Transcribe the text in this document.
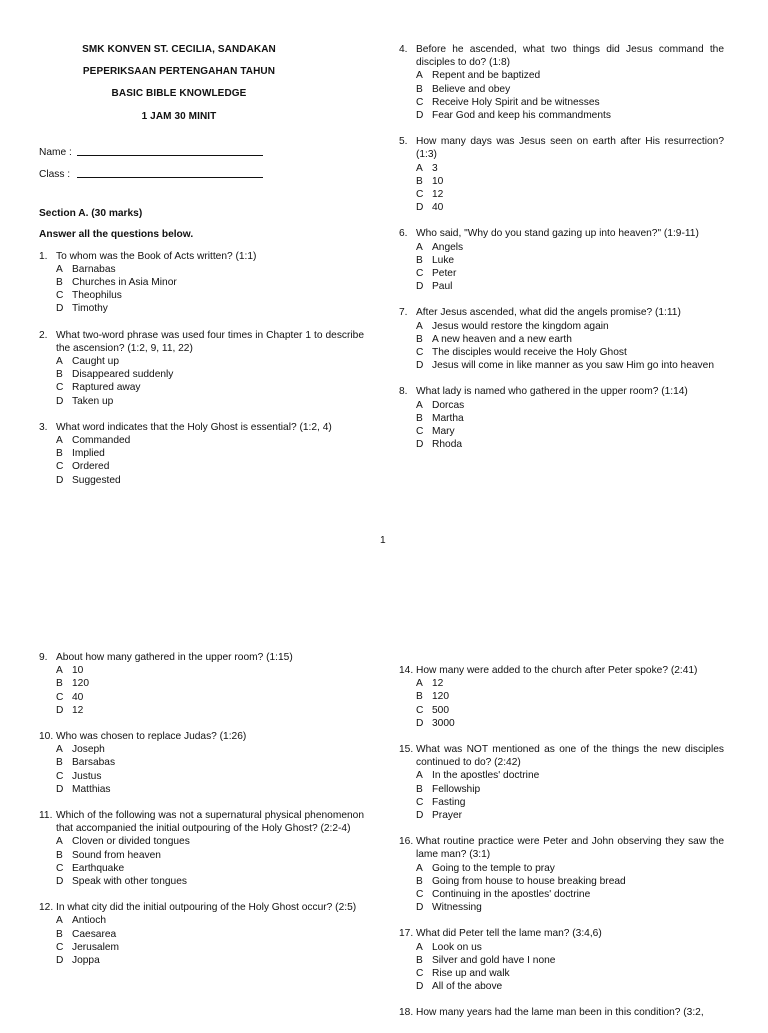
SMK KONVEN ST. CECILIA, SANDAKAN
PEPERIKSAAN PERTENGAHAN TAHUN
BASIC BIBLE KNOWLEDGE
1 JAM 30 MINIT
Name :
Class :
Section A. (30 marks)
Answer all the questions below.
1. To whom was the Book of Acts written? (1:1)
A Barnabas
B Churches in Asia Minor
C Theophilus
D Timothy
2. What two-word phrase was used four times in Chapter 1 to describe the ascension? (1:2, 9, 11, 22)
A Caught up
B Disappeared suddenly
C Raptured away
D Taken up
3. What word indicates that the Holy Ghost is essential? (1:2, 4)
A Commanded
B Implied
C Ordered
D Suggested
4. Before he ascended, what two things did Jesus command the disciples to do? (1:8)
A Repent and be baptized
B Believe and obey
C Receive Holy Spirit and be witnesses
D Fear God and keep his commandments
5. How many days was Jesus seen on earth after His resurrection? (1:3)
A 3
B 10
C 12
D 40
6. Who said, "Why do you stand gazing up into heaven?" (1:9-11)
A Angels
B Luke
C Peter
D Paul
7. After Jesus ascended, what did the angels promise? (1:11)
A Jesus would restore the kingdom again
B A new heaven and a new earth
C The disciples would receive the Holy Ghost
D Jesus will come in like manner as you saw Him go into heaven
8. What lady is named who gathered in the upper room? (1:14)
A Dorcas
B Martha
C Mary
D Rhoda
1
9. About how many gathered in the upper room? (1:15)
A 10
B 120
C 40
D 12
10. Who was chosen to replace Judas? (1:26)
A Joseph
B Barsabas
C Justus
D Matthias
11. Which of the following was not a supernatural physical phenomenon that accompanied the initial outpouring of the Holy Ghost? (2:2-4)
A Cloven or divided tongues
B Sound from heaven
C Earthquake
D Speak with other tongues
12. In what city did the initial outpouring of the Holy Ghost occur? (2:5)
A Antioch
B Caesarea
C Jerusalem
D Joppa
14. How many were added to the church after Peter spoke? (2:41)
A 12
B 120
C 500
D 3000
15. What was NOT mentioned as one of the things the new disciples continued to do? (2:42)
A In the apostles' doctrine
B Fellowship
C Fasting
D Prayer
16. What routine practice were Peter and John observing they saw the lame man? (3:1)
A Going to the temple to pray
B Going from house to house breaking bread
C Continuing in the apostles' doctrine
D Witnessing
17. What did Peter tell the lame man? (3:4,6)
A Look on us
B Silver and gold have I none
C Rise up and walk
D All of the above
18. How many years had the lame man been in this condition? (3:2,
